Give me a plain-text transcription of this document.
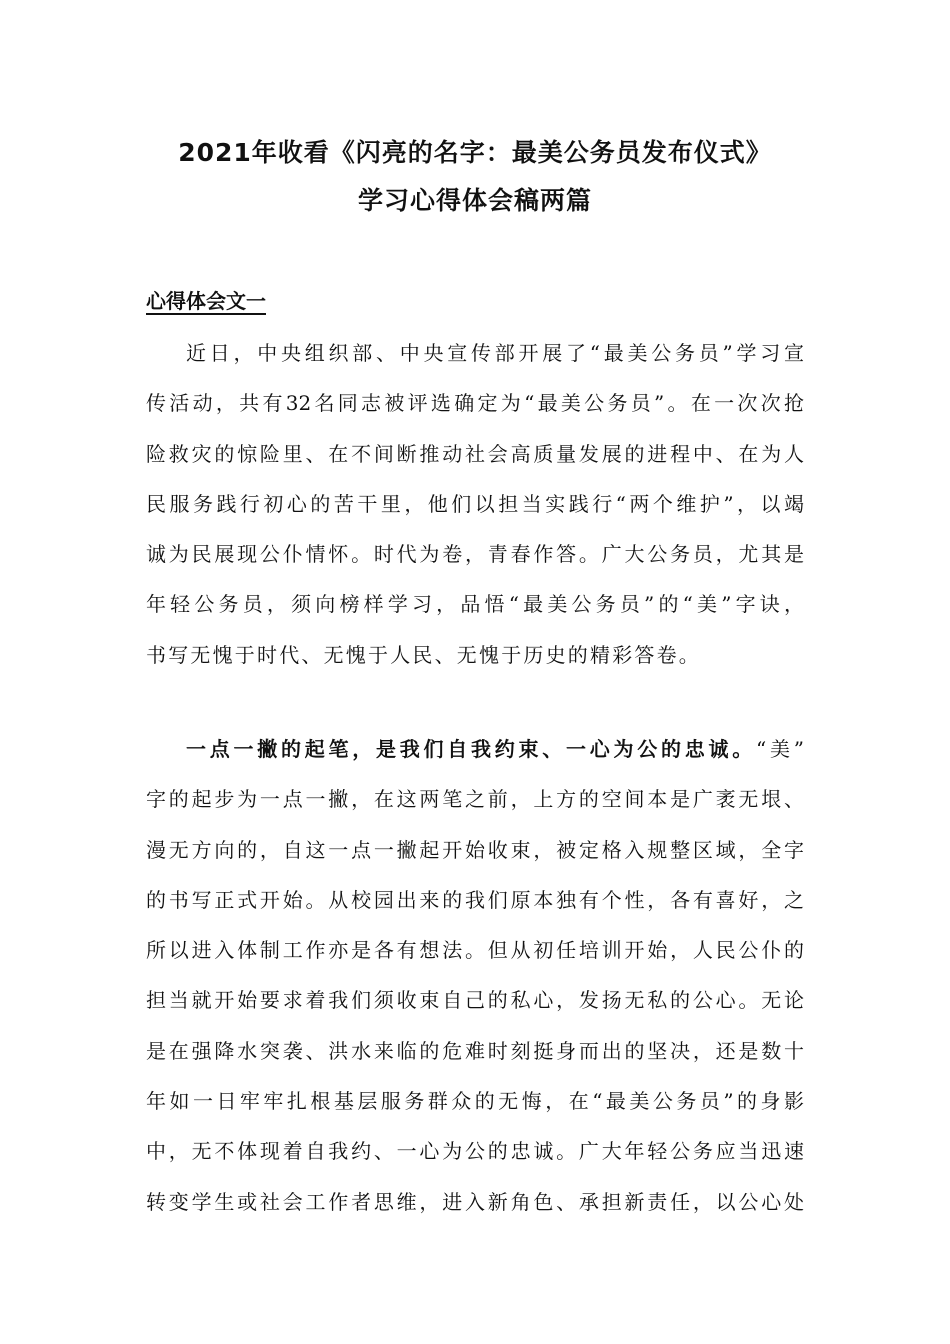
2021年收看《闪亮的名字：最美公务员发布仪式》
学习心得体会稿两篇
心得体会文一
近日，中央组织部、中央宣传部开展了“最美公务员”学习宣
传活动，共有32名同志被评选确定为“最美公务员”。在一次次抢
险救灾的惊险里、在不间断推动社会高质量发展的进程中、在为人
民服务践行初心的苦干里，他们以担当实践行“两个维护”，以竭
诚为民展现公仆情怀。时代为卷，青春作答。广大公务员，尤其是
年轻公务员，须向榜样学习，品悟“最美公务员”的“美”字诀，
书写无愧于时代、无愧于人民、无愧于历史的精彩答卷。
一点一撇的起笔，是我们自我约束、一心为公的忠诚。“美”
字的起步为一点一撇，在这两笔之前，上方的空间本是广袤无垠、
漫无方向的，自这一点一撇起开始收束，被定格入规整区域，全字
的书写正式开始。从校园出来的我们原本独有个性，各有喜好，之
所以进入体制工作亦是各有想法。但从初任培训开始，人民公仆的
担当就开始要求着我们须收束自己的私心，发扬无私的公心。无论
是在强降水突袭、洪水来临的危难时刻挺身而出的坚决，还是数十
年如一日牢牢扎根基层服务群众的无悔，在“最美公务员”的身影
中，无不体现着自我约、一心为公的忠诚。广大年轻公务应当迅速
转变学生或社会工作者思维，进入新角色、承担新责任，以公心处
